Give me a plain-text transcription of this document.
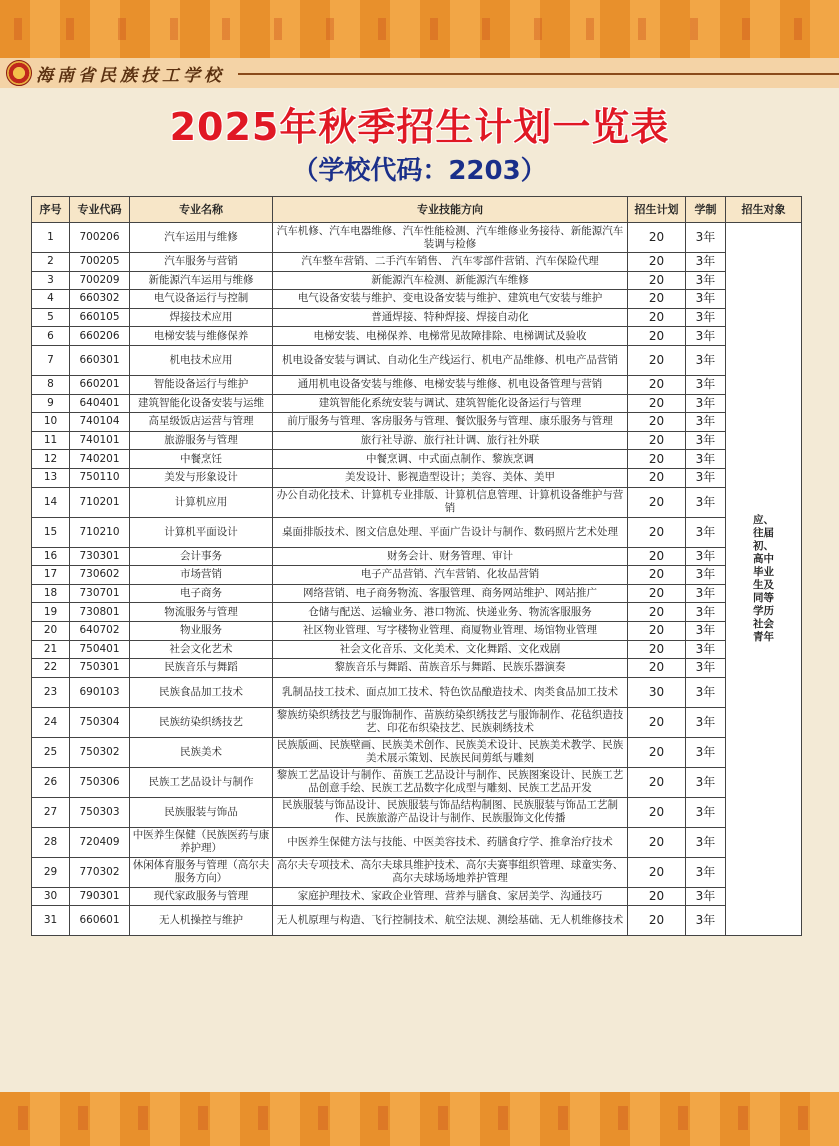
海南省民族技工学校
2025年秋季招生计划一览表
（学校代码：2203）
序号	专业代码	专业名称	专业技能方向	招生计划	学制	招生对象
1	700206	汽车运用与维修	汽车机修、汽车电器维修、汽车性能检测、汽车维修业务接待、新能源汽车装调与检修	20	3年	应、往届初、高中毕业生及同等学历社会青年
2	700205	汽车服务与营销	汽车整车营销、二手汽车销售、 汽车零部件营销、汽车保险代理	20	3年	
3	700209	新能源汽车运用与维修	新能源汽车检测、新能源汽车维修	20	3年	
4	660302	电气设备运行与控制	电气设备安装与维护、变电设备安装与维护、建筑电气安装与维护	20	3年	
5	660105	焊接技术应用	普通焊接、特种焊接、焊接自动化	20	3年	
6	660206	电梯安装与维修保养	电梯安装、电梯保养、电梯常见故障排除、电梯调试及验收	20	3年	
7	660301	机电技术应用	机电设备安装与调试、自动化生产线运行、机电产品维修、机电产品营销	20	3年	
8	660201	智能设备运行与维护	通用机电设备安装与维修、电梯安装与维修、机电设备管理与营销	20	3年	
9	640401	建筑智能化设备安装与运维	建筑智能化系统安装与调试、建筑智能化设备运行与管理	20	3年	
10	740104	高星级饭店运营与管理	前厅服务与管理、客房服务与管理、餐饮服务与管理、康乐服务与管理	20	3年	
11	740101	旅游服务与管理	旅行社导游、旅行社计调、旅行社外联	20	3年	
12	740201	中餐烹饪	中餐烹调、中式面点制作、黎族烹调	20	3年	
13	750110	美发与形象设计	美发设计、影视造型设计；美容、美体、美甲	20	3年	
14	710201	计算机应用	办公自动化技术、计算机专业排版、计算机信息管理、计算机设备维护与营销	20	3年	
15	710210	计算机平面设计	桌面排版技术、图文信息处理、平面广告设计与制作、数码照片艺术处理	20	3年	
16	730301	会计事务	财务会计、财务管理、审计	20	3年	
17	730602	市场营销	电子产品营销、汽车营销、化妆品营销	20	3年	
18	730701	电子商务	网络营销、电子商务物流、客服管理、商务网站维护、网站推广	20	3年	
19	730801	物流服务与管理	仓储与配送、运输业务、港口物流、快递业务、物流客服服务	20	3年	
20	640702	物业服务	社区物业管理、写字楼物业管理、商厦物业管理、场馆物业管理	20	3年	
21	750401	社会文化艺术	社会文化音乐、文化美术、文化舞蹈、文化戏剧	20	3年	
22	750301	民族音乐与舞蹈	黎族音乐与舞蹈、苗族音乐与舞蹈、民族乐器演奏	20	3年	
23	690103	民族食品加工技术	乳制品技工技术、面点加工技术、特色饮品酿造技术、肉类食品加工技术	30	3年	
24	750304	民族纺染织绣技艺	黎族纺染织绣技艺与服饰制作、苗族纺染织绣技艺与服饰制作、花毡织造技艺、印花布织染技艺、民族刺绣技术	20	3年	
25	750302	民族美术	民族版画、民族壁画、民族美术创作、民族美术设计、民族美术教学、民族美术展示策划、民族民间剪纸与雕刻	20	3年	
26	750306	民族工艺品设计与制作	黎族工艺品设计与制作、苗族工艺品设计与制作、民族图案设计、民族工艺品创意手绘、民族工艺品数字化成型与雕刻、民族工艺品开发	20	3年	
27	750303	民族服装与饰品	民族服装与饰品设计、民族服装与饰品结构制图、民族服装与饰品工艺制作、民族旅游产品设计与制作、民族服饰文化传播	20	3年	
28	720409	中医养生保健（民族医药与康养护理）	中医养生保健方法与技能、中医美容技术、药膳食疗学、推拿治疗技术	20	3年	
29	770302	休闲体育服务与管理（高尔夫服务方向）	高尔夫专项技术、高尔夫球具维护技术、高尔夫赛事组织管理、球童实务、高尔夫球场场地养护管理	20	3年	
30	790301	现代家政服务与管理	家庭护理技术、家政企业管理、营养与膳食、家居美学、沟通技巧	20	3年	
31	660601	无人机操控与维护	无人机原理与构造、飞行控制技术、航空法规、测绘基础、无人机维修技术	20	3年	
